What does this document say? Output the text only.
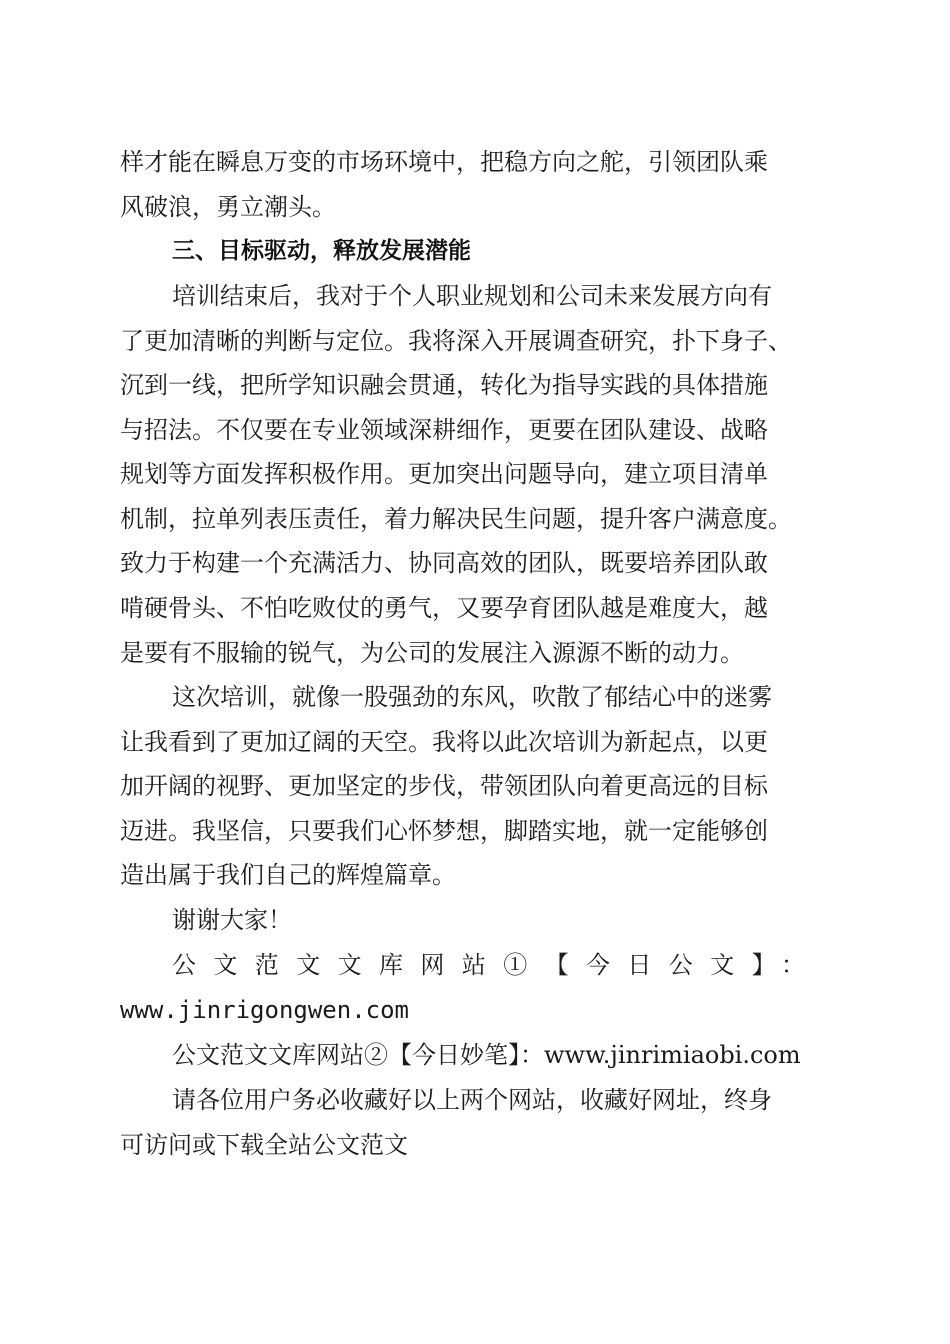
样才能在瞬息万变的市场环境中，把稳方向之舵，引领团队乘
风破浪，勇立潮头。
三、目标驱动，释放发展潜能
培训结束后，我对于个人职业规划和公司未来发展方向有
了更加清晰的判断与定位。我将深入开展调查研究，扑下身子、
沉到一线，把所学知识融会贯通，转化为指导实践的具体措施
与招法。不仅要在专业领域深耕细作，更要在团队建设、战略
规划等方面发挥积极作用。更加突出问题导向，建立项目清单
机制，拉单列表压责任，着力解决民生问题，提升客户满意度。
致力于构建一个充满活力、协同高效的团队，既要培养团队敢
啃硬骨头、不怕吃败仗的勇气，又要孕育团队越是难度大，越
是要有不服输的锐气，为公司的发展注入源源不断的动力。
这次培训，就像一股强劲的东风，吹散了郁结心中的迷雾
让我看到了更加辽阔的天空。我将以此次培训为新起点，以更
加开阔的视野、更加坚定的步伐，带领团队向着更高远的目标
迈进。我坚信，只要我们心怀梦想，脚踏实地，就一定能够创
造出属于我们自己的辉煌篇章。
谢谢大家！
公文范文文库网站①【今日公文】：
www.jinrigongwen.com
公文范文文库网站②【今日妙笔】：www.jinrimiaobi.com
请各位用户务必收藏好以上两个网站，收藏好网址，终身
可访问或下载全站公文范文
